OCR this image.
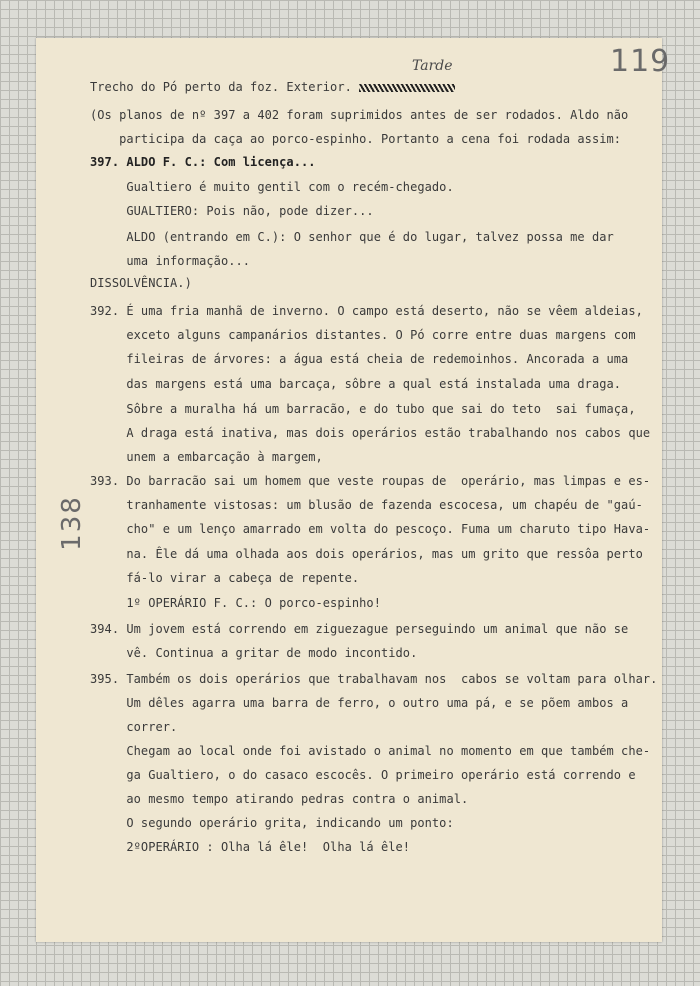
119
138
Tarde
Trecho do Pó perto da foz. Exterior.
(Os planos de nº 397 a 402 foram suprimidos antes de ser rodados. Aldo não
participa da caça ao porco-espinho. Portanto a cena foi rodada assim:
397. ALDO F. C.: Com licença...
Gualtiero é muito gentil com o recém-chegado.
GUALTIERO: Pois não, pode dizer...
ALDO (entrando em C.): O senhor que é do lugar, talvez possa me dar
uma informação...
DISSOLVÊNCIA.)
392. É uma fria manhã de inverno. O campo está deserto, não se vêem aldeias,
exceto alguns campanários distantes. O Pó corre entre duas margens com
fileiras de árvores: a água está cheia de redemoinhos. Ancorada a uma
das margens está uma barcaça, sôbre a qual está instalada uma draga.
Sôbre a muralha há um barracão, e do tubo que sai do teto  sai fumaça,
A draga está inativa, mas dois operários estão trabalhando nos cabos que
unem a embarcação à margem,
393. Do barracão sai um homem que veste roupas de  operário, mas limpas e es-
tranhamente vistosas: um blusão de fazenda escocesa, um chapéu de "gaú-
cho" e um lenço amarrado em volta do pescoço. Fuma um charuto tipo Hava-
na. Êle dá uma olhada aos dois operários, mas um grito que ressôa perto
fá-lo virar a cabeça de repente.
1º OPERÁRIO F. C.: O porco-espinho!
394. Um jovem está correndo em ziguezague perseguindo um animal que não se
vê. Continua a gritar de modo incontido.
395. Também os dois operários que trabalhavam nos  cabos se voltam para olhar.
Um dêles agarra uma barra de ferro, o outro uma pá, e se põem ambos a
correr.
Chegam ao local onde foi avistado o animal no momento em que também che-
ga Gualtiero, o do casaco escocês. O primeiro operário está correndo e
ao mesmo tempo atirando pedras contra o animal.
O segundo operário grita, indicando um ponto:
2ºOPERÁRIO : Olha lá êle!  Olha lá êle!
